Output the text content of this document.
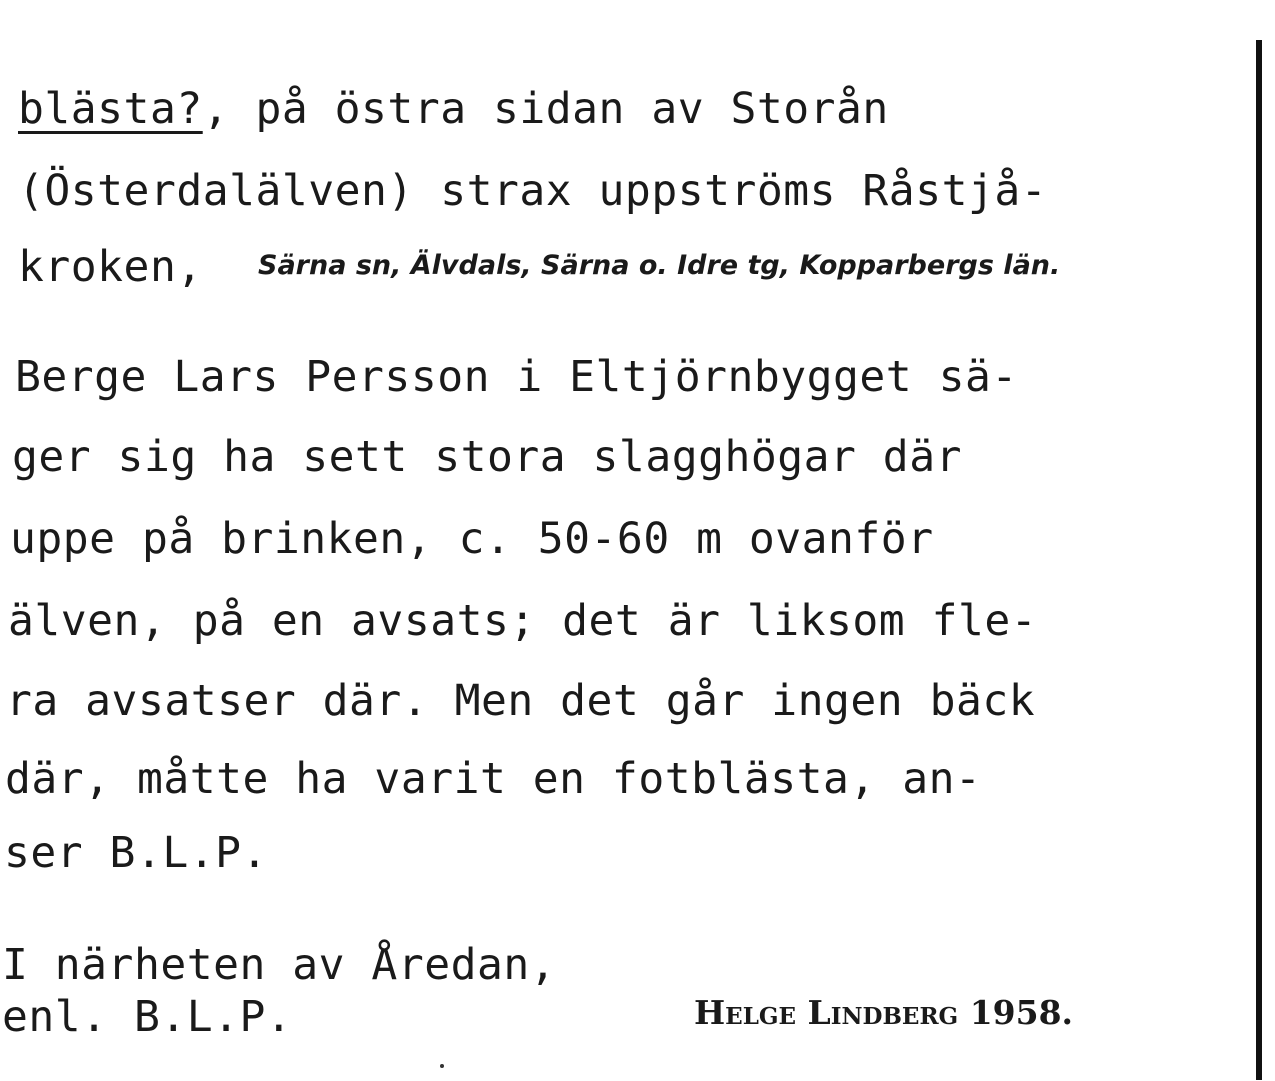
blästa?, på östra sidan av Storån
(Österdalälven) strax uppströms Råstjå-
kroken, Särna sn, Älvdals, Särna o. Idre tg, Kopparbergs län.
Berge Lars Persson i Eltjörnbygget sä-
ger sig ha sett stora slagghögar där
uppe på brinken, c. 50-60 m ovanför
älven, på en avsats; det är liksom fle-
ra avsatser där. Men det går ingen bäck
där, måtte ha varit en fotblästa, an-
ser B.L.P.
I närheten av Åredan,
enl. B.L.P.	Helge Lindberg 1958.
